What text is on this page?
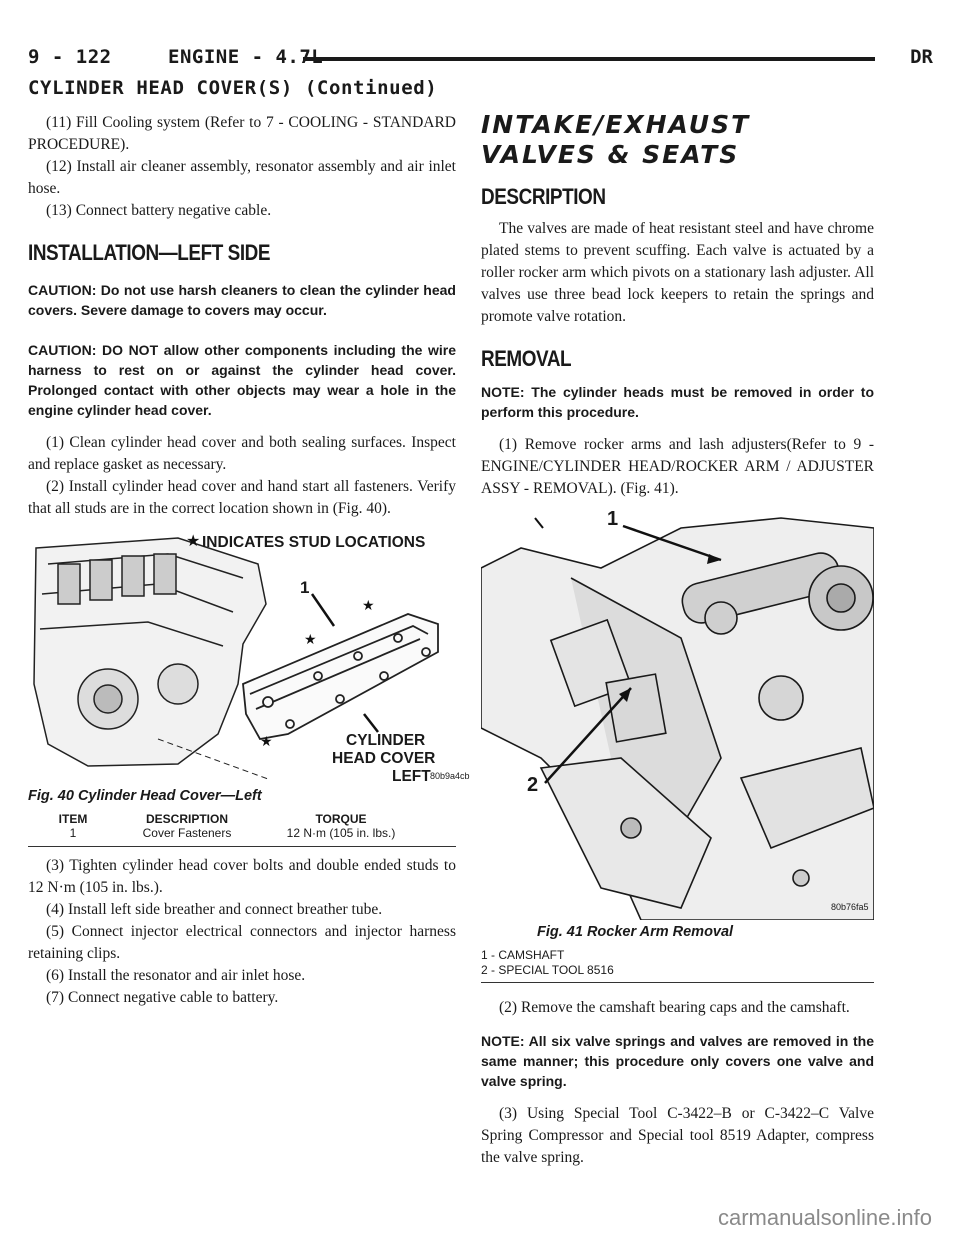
9 - 122	ENGINE - 4.7L	DR
CYLINDER HEAD COVER(S) (Continued)

(11) Fill Cooling system (Refer to 7 - COOLING - STANDARD PROCEDURE).

(12) Install air cleaner assembly, resonator assembly and air inlet hose.

(13) Connect battery negative cable.

INSTALLATION—LEFT SIDE

CAUTION: Do not use harsh cleaners to clean the cylinder head covers. Severe damage to covers may occur.

CAUTION: DO NOT allow other components including the wire harness to rest on or against the cylinder head cover. Prolonged contact with other objects may wear a hole in the engine cylinder head cover.

(1) Clean cylinder head cover and both sealing surfaces. Inspect and replace gasket as necessary.

(2) Install cylinder head cover and hand start all fasteners. Verify that all studs are in the correct location shown in (Fig. 40).

★
★
★
★
INDICATES STUD LOCATIONS
1
CYLINDER
HEAD COVER
LEFT 80b9a4cb
Fig. 40 Cylinder Head Cover—Left
ITEM	DESCRIPTION	TORQUE
1	Cover Fasteners	12 N·m (105 in. lbs.)

(3) Tighten cylinder head cover bolts and double ended studs to 12 N·m (105 in. lbs.).

(4) Install left side breather and connect breather tube.

(5) Connect injector electrical connectors and injector harness retaining clips.

(6) Install the resonator and air inlet hose.

(7) Connect negative cable to battery.

INTAKE/EXHAUST VALVES & SEATS
DESCRIPTION

The valves are made of heat resistant steel and have chrome plated stems to prevent scuffing. Each valve is actuated by a roller rocker arm which pivots on a stationary lash adjuster. All valves use three bead lock keepers to retain the springs and promote valve rotation.

REMOVAL

NOTE: The cylinder heads must be removed in order to perform this procedure.

(1) Remove rocker arms and lash adjusters(Refer to 9 - ENGINE/CYLINDER HEAD/ROCKER ARM / ADJUSTER ASSY - REMOVAL). (Fig. 41).

1
2
80b76fa5
Fig. 41 Rocker Arm Removal
1 - CAMSHAFT
2 - SPECIAL TOOL 8516

(2) Remove the camshaft bearing caps and the camshaft.

NOTE: All six valve springs and valves are removed in the same manner; this procedure only covers one valve and valve spring.

(3) Using Special Tool C-3422–B or C-3422–C Valve Spring Compressor and Special tool 8519 Adapter, compress the valve spring.

carmanualsonline.info
